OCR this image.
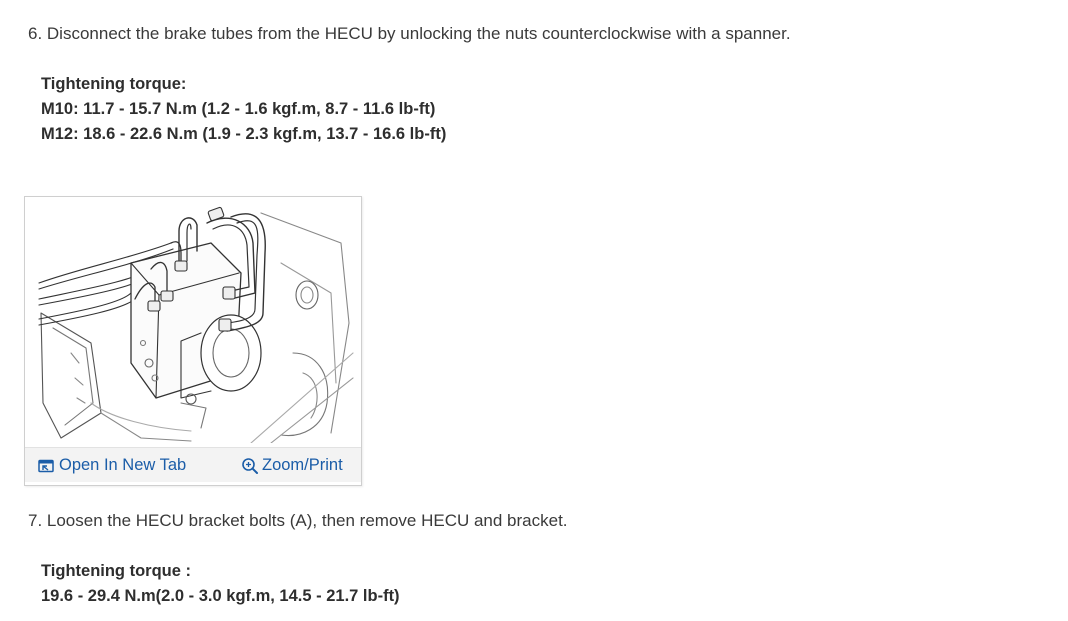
6. Disconnect the brake tubes from the HECU by unlocking the nuts counterclockwise with a spanner.
Tightening torque:
M10: 11.7 - 15.7 N.m (1.2 - 1.6 kgf.m, 8.7 - 11.6 lb-ft)
M12: 18.6 - 22.6 N.m (1.9 - 2.3 kgf.m, 13.7 - 16.6 lb-ft)
Open In New Tab	Zoom/Print
7. Loosen the HECU bracket bolts (A), then remove HECU and bracket.
Tightening torque :
19.6 - 29.4 N.m(2.0 - 3.0 kgf.m, 14.5 - 21.7 lb-ft)
